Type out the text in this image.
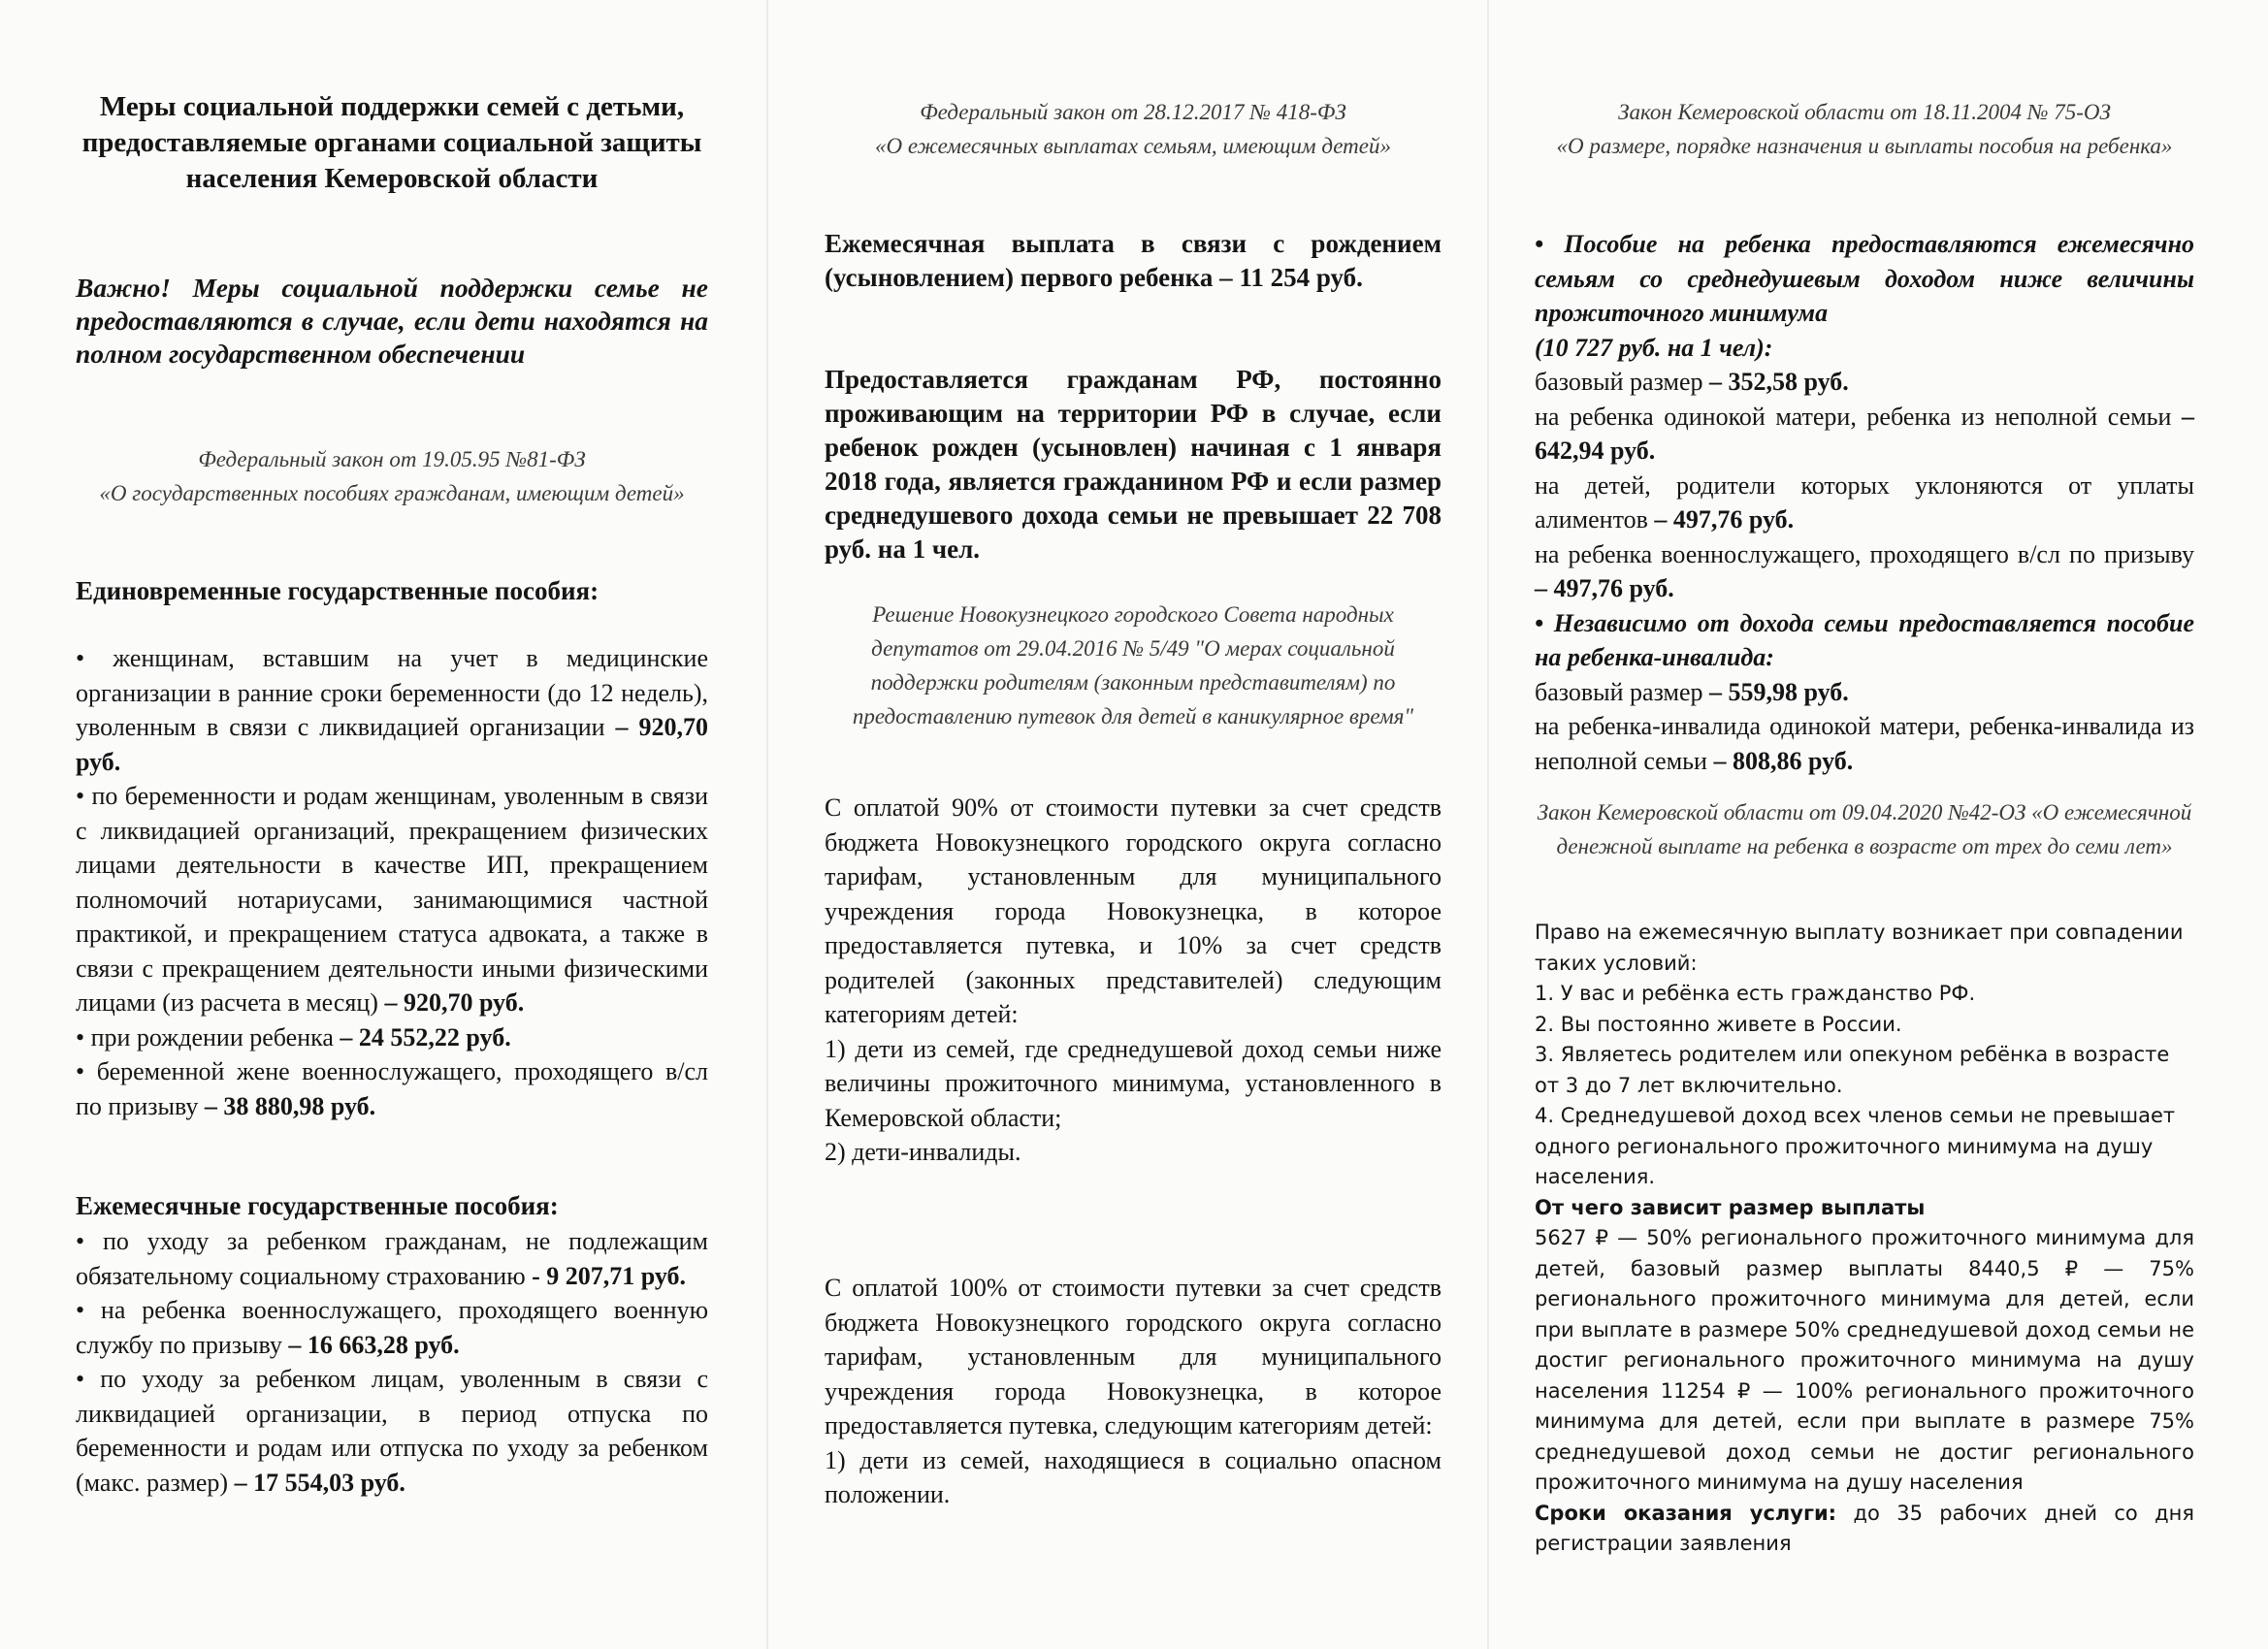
Меры социальной поддержки семей с детьми, предоставляемые органами социальной защиты населения Кемеровской области
Важно! Меры социальной поддержки семье не предоставляются в случае, если дети находятся на полном государственном обеспечении
Федеральный закон от 19.05.95 №81-ФЗ
«О государственных пособиях гражданам, имеющим детей»
Единовременные государственные пособия:

• женщинам, вставшим на учет в медицинские организации в ранние сроки беременности (до 12 недель), уволенным в связи с ликвидацией организации – 920,70 руб.

• по беременности и родам женщинам, уволенным в связи с ликвидацией организаций, прекращением физических лицами деятельности в качестве ИП, прекращением полномочий нотариусами, занимающимися частной практикой, и прекращением статуса адвоката, а также в связи с прекращением деятельности иными физическими лицами (из расчета в месяц) – 920,70 руб.

• при рождении ребенка – 24 552,22 руб.

• беременной жене военнослужащего, проходящего в/сл по призыву – 38 880,98 руб.

Ежемесячные государственные пособия:

• по уходу за ребенком гражданам, не подлежащим обязательному социальному страхованию - 9 207,71 руб.

• на ребенка военнослужащего, проходящего военную службу по призыву – 16 663,28 руб.

• по уходу за ребенком лицам, уволенным в связи с ликвидацией организации, в период отпуска по беременности и родам или отпуска по уходу за ребенком (макс. размер) – 17 554,03 руб.

Федеральный закон от 28.12.2017 № 418-ФЗ
«О ежемесячных выплатах семьям, имеющим детей»
Ежемесячная выплата в связи с рождением (усыновлением) первого ребенка – 11 254 руб.
Предоставляется гражданам РФ, постоянно проживающим на территории РФ в случае, если ребенок рожден (усыновлен) начиная с 1 января 2018 года, является гражданином РФ и если размер среднедушевого дохода семьи не превышает 22 708 руб. на 1 чел.
Решение Новокузнецкого городского Совета народных депутатов от 29.04.2016 № 5/49 "О мерах социальной поддержки родителям (законным представителям) по предоставлению путевок для детей в каникулярное время"

С оплатой 90% от стоимости путевки за счет средств бюджета Новокузнецкого городского округа согласно тарифам, установленным для муниципального учреждения города Новокузнецка, в которое предоставляется путевка, и 10% за счет средств родителей (законных представителей) следующим категориям детей:

1) дети из семей, где среднедушевой доход семьи ниже величины прожиточного минимума, установленного в Кемеровской области;

2) дети-инвалиды.

С оплатой 100% от стоимости путевки за счет средств бюджета Новокузнецкого городского округа согласно тарифам, установленным для муниципального учреждения города Новокузнецка, в которое предоставляется путевка, следующим категориям детей:

1) дети из семей, находящиеся в социально опасном положении.

Закон Кемеровской области от 18.11.2004 № 75-ОЗ
«О размере, порядке назначения и выплаты пособия на ребенка»

• Пособие на ребенка предоставляются ежемесячно семьям со среднедушевым доходом ниже величины прожиточного минимума

(10 727 руб. на 1 чел):

базовый размер – 352,58 руб.

на ребенка одинокой матери, ребенка из неполной семьи – 642,94 руб.

на детей, родители которых уклоняются от уплаты алиментов – 497,76 руб.

на ребенка военнослужащего, проходящего в/сл по призыву – 497,76 руб.

• Независимо от дохода семьи предоставляется пособие на ребенка-инвалида:

базовый размер – 559,98 руб.

на ребенка-инвалида одинокой матери, ребенка-инвалида из неполной семьи – 808,86 руб.

Закон Кемеровской области от 09.04.2020 №42-ОЗ «О ежемесячной денежной выплате на ребенка в возрасте от трех до семи лет»

Право на ежемесячную выплату возникает при совпадении таких условий:

1. У вас и ребёнка есть гражданство РФ.

2. Вы постоянно живете в России.

3. Являетесь родителем или опекуном ребёнка в возрасте от 3 до 7 лет включительно.

4. Среднедушевой доход всех членов семьи не превышает одного регионального прожиточного минимума на душу населения.

От чего зависит размер выплаты

5627 ₽ — 50% регионального прожиточного минимума для детей, базовый размер выплаты 8440,5 ₽ — 75% регионального прожиточного минимума для детей, если при выплате в размере 50% среднедушевой доход семьи не достиг регионального прожиточного минимума на душу населения 11254 ₽ — 100% регионального прожиточного минимума для детей, если при выплате в размере 75% среднедушевой доход семьи не достиг регионального прожиточного минимума на душу населения

Сроки оказания услуги: до 35 рабочих дней со дня регистрации заявления
